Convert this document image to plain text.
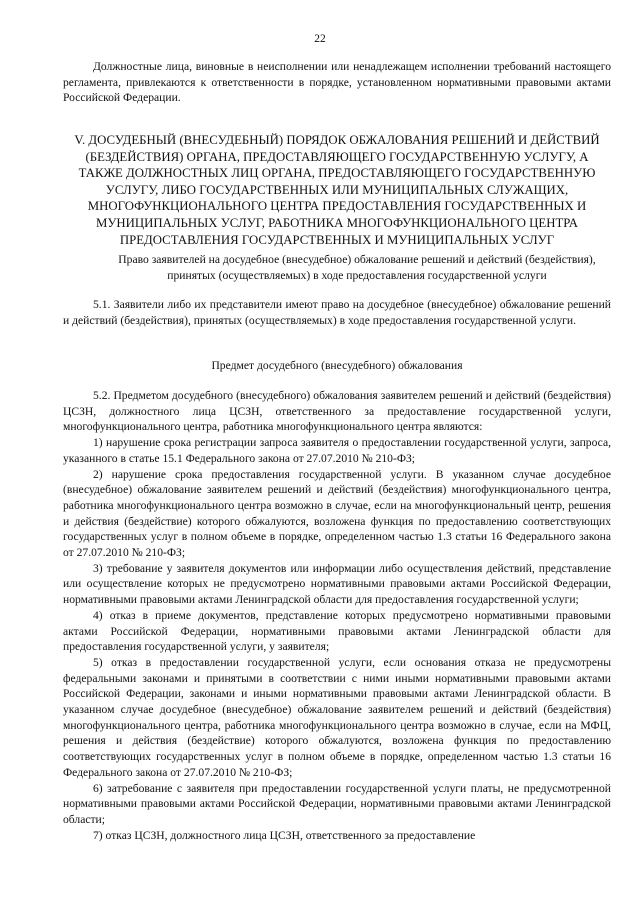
22

Должностные лица, виновные в неисполнении или ненадлежащем исполнении требований настоящего регламента, привлекаются к ответственности в порядке, установленном нормативными правовыми актами Российской Федерации.

V. ДОСУДЕБНЫЙ (ВНЕСУДЕБНЫЙ) ПОРЯДОК ОБЖАЛОВАНИЯ РЕШЕНИЙ И ДЕЙСТВИЙ (БЕЗДЕЙСТВИЯ) ОРГАНА, ПРЕДОСТАВЛЯЮЩЕГО ГОСУДАРСТВЕННУЮ УСЛУГУ, А ТАКЖЕ ДОЛЖНОСТНЫХ ЛИЦ ОРГАНА, ПРЕДОСТАВЛЯЮЩЕГО ГОСУДАРСТВЕННУЮ УСЛУГУ, ЛИБО ГОСУДАРСТВЕННЫХ ИЛИ МУНИЦИПАЛЬНЫХ СЛУЖАЩИХ, МНОГОФУНКЦИОНАЛЬНОГО ЦЕНТРА ПРЕДОСТАВЛЕНИЯ ГОСУДАРСТВЕННЫХ И МУНИЦИПАЛЬНЫХ УСЛУГ, РАБОТНИКА МНОГОФУНКЦИОНАЛЬНОГО ЦЕНТРА ПРЕДОСТАВЛЕНИЯ ГОСУДАРСТВЕННЫХ И МУНИЦИПАЛЬНЫХ УСЛУГ

Право заявителей на досудебное (внесудебное) обжалование решений и действий (бездействия), принятых (осуществляемых) в ходе предоставления государственной услуги

5.1. Заявители либо их представители имеют право на досудебное (внесудебное) обжалование решений и действий (бездействия), принятых (осуществляемых) в ходе предоставления государственной услуги.

Предмет досудебного (внесудебного) обжалования

5.2. Предметом досудебного (внесудебного) обжалования заявителем решений и действий (бездействия) ЦСЗН, должностного лица ЦСЗН, ответственного за предоставление государственной услуги, многофункционального центра, работника многофункционального центра являются:

1) нарушение срока регистрации запроса заявителя о предоставлении государственной услуги, запроса, указанного в статье 15.1 Федерального закона от 27.07.2010 № 210-ФЗ;

2) нарушение срока предоставления государственной услуги. В указанном случае досудебное (внесудебное) обжалование заявителем решений и действий (бездействия) многофункционального центра, работника многофункционального центра возможно в случае, если на многофункциональный центр, решения и действия (бездействие) которого обжалуются, возложена функция по предоставлению соответствующих государственных услуг в полном объеме в порядке, определенном частью 1.3 статьи 16 Федерального закона от 27.07.2010 № 210-ФЗ;

3) требование у заявителя документов или информации либо осуществления действий, представление или осуществление которых не предусмотрено нормативными правовыми актами Российской Федерации, нормативными правовыми актами Ленинградской области для предоставления государственной услуги;

4) отказ в приеме документов, представление которых предусмотрено нормативными правовыми актами Российской Федерации, нормативными правовыми актами Ленинградской области для предоставления государственной услуги, у заявителя;

5) отказ в предоставлении государственной услуги, если основания отказа не предусмотрены федеральными законами и принятыми в соответствии с ними иными нормативными правовыми актами Российской Федерации, законами и иными нормативными правовыми актами Ленинградской области. В указанном случае досудебное (внесудебное) обжалование заявителем решений и действий (бездействия) многофункционального центра, работника многофункционального центра возможно в случае, если на МФЦ, решения и действия (бездействие) которого обжалуются, возложена функция по предоставлению соответствующих государственных услуг в полном объеме в порядке, определенном частью 1.3 статьи 16 Федерального закона от 27.07.2010 № 210-ФЗ;

6) затребование с заявителя при предоставлении государственной услуги платы, не предусмотренной нормативными правовыми актами Российской Федерации, нормативными правовыми актами Ленинградской области;

7) отказ ЦСЗН, должностного лица ЦСЗН, ответственного за предоставление
